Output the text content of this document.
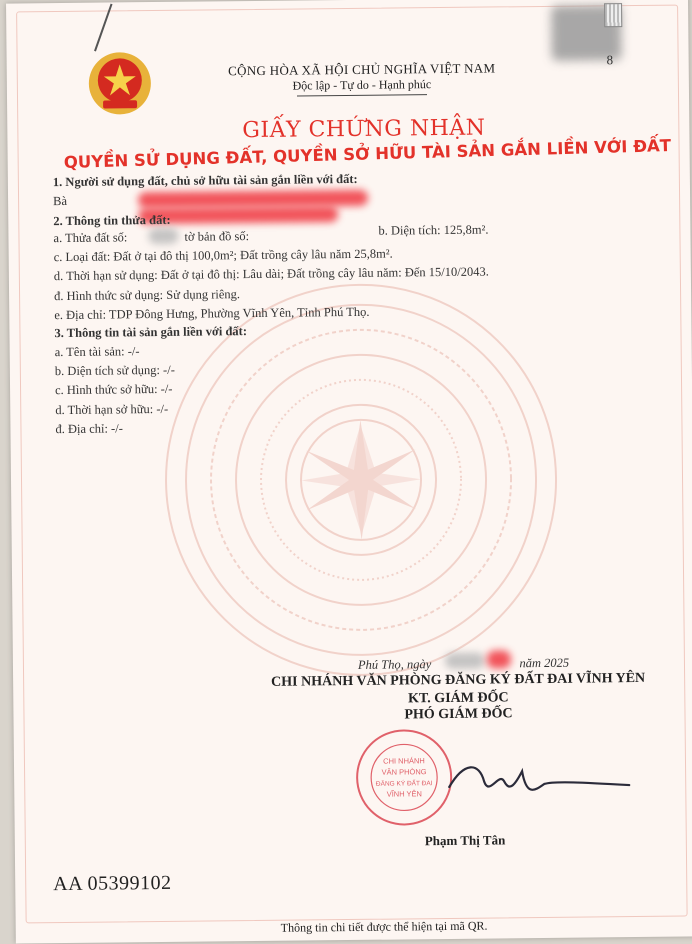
8
CỘNG HÒA XÃ HỘI CHỦ NGHĨA VIỆT NAM
Độc lập - Tự do - Hạnh phúc
GIẤY CHỨNG NHẬN
QUYỀN SỬ DỤNG ĐẤT, QUYỀN SỞ HỮU TÀI SẢN GẮN LIỀN VỚI ĐẤT
1. Người sử dụng đất, chủ sở hữu tài sản gắn liền với đất:
Bà
2. Thông tin thửa đất:
a. Thửa đất số:	tờ bản đồ số:	b. Diện tích: 125,8m².
c. Loại đất: Đất ở tại đô thị 100,0m²; Đất trồng cây lâu năm 25,8m².
d. Thời hạn sử dụng: Đất ở tại đô thị: Lâu dài; Đất trồng cây lâu năm: Đến 15/10/2043.
đ. Hình thức sử dụng: Sử dụng riêng.
e. Địa chỉ: TDP Đông Hưng, Phường Vĩnh Yên, Tỉnh Phú Thọ.
3. Thông tin tài sản gắn liền với đất:
a. Tên tài sản: -/-
b. Diện tích sử dụng: -/-
c. Hình thức sở hữu: -/-
d. Thời hạn sở hữu: -/-
đ. Địa chỉ: -/-
Phú Thọ, ngày	năm 2025
CHI NHÁNH VĂN PHÒNG ĐĂNG KÝ ĐẤT ĐAI VĨNH YÊN
KT. GIÁM ĐỐC
PHÓ GIÁM ĐỐC
CHI NHÁNH
VĂN PHÒNG
ĐĂNG KÝ ĐẤT ĐAI
VĨNH YÊN
Phạm Thị Tân
AA 05399102
Thông tin chi tiết được thể hiện tại mã QR.
